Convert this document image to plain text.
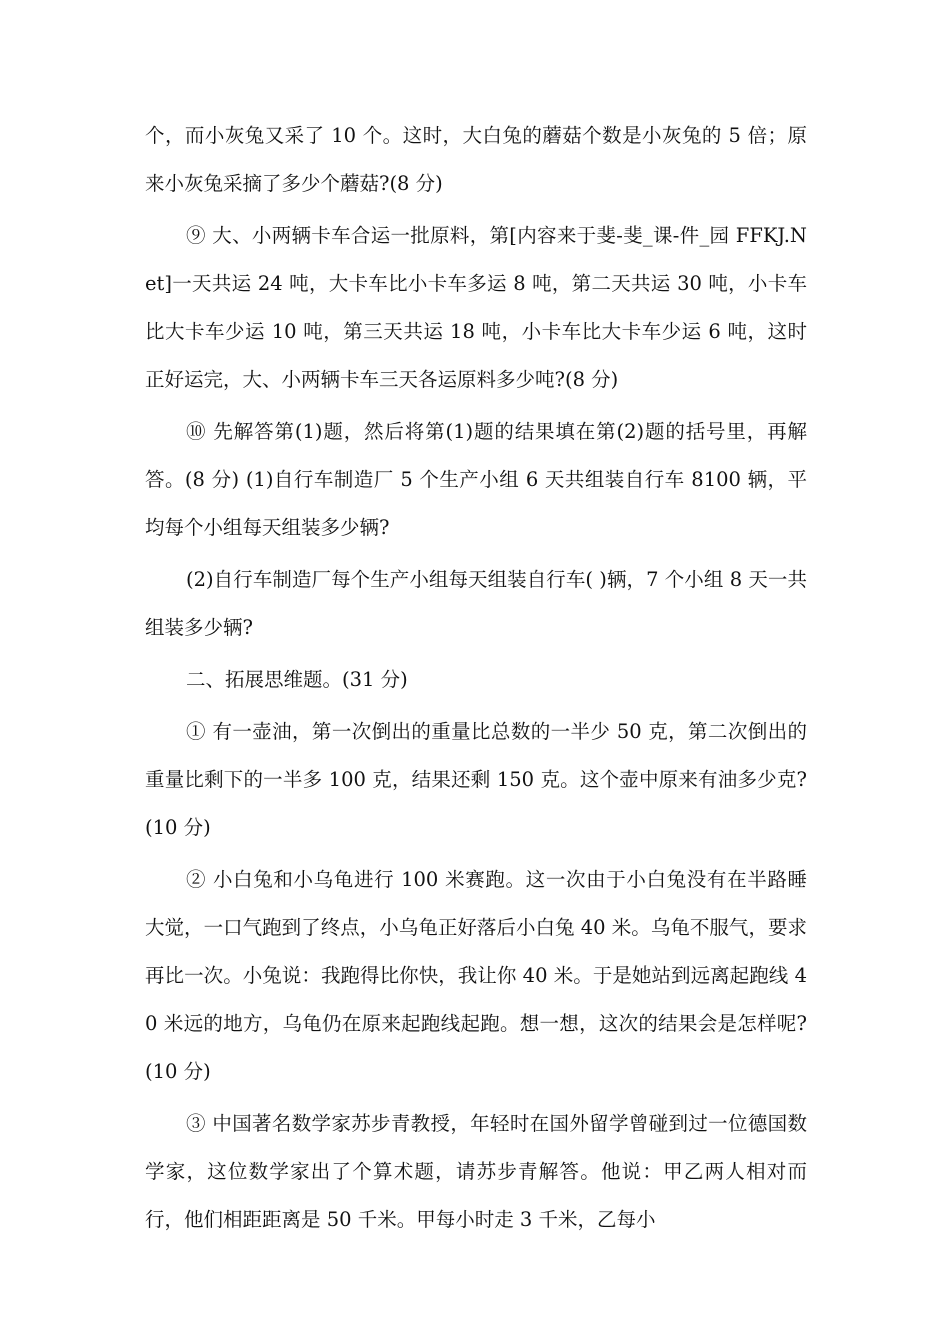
个，而小灰兔又采了 10 个。这时，大白兔的蘑菇个数是小灰兔的 5 倍；原来小灰兔采摘了多少个蘑菇?(8 分)

⑨ 大、小两辆卡车合运一批原料，第[内容来于斐-斐_课-件_园 FFKJ.Net]一天共运 24 吨，大卡车比小卡车多运 8 吨，第二天共运 30 吨，小卡车比大卡车少运 10 吨，第三天共运 18 吨，小卡车比大卡车少运 6 吨，这时正好运完，大、小两辆卡车三天各运原料多少吨?(8 分)

⑩ 先解答第(1)题，然后将第(1)题的结果填在第(2)题的括号里，再解答。(8 分) (1)自行车制造厂 5 个生产小组 6 天共组装自行车 8100 辆，平均每个小组每天组装多少辆?

(2)自行车制造厂每个生产小组每天组装自行车( )辆，7 个小组 8 天一共组装多少辆?

二、拓展思维题。(31 分)

① 有一壶油，第一次倒出的重量比总数的一半少 50 克，第二次倒出的重量比剩下的一半多 100 克，结果还剩 150 克。这个壶中原来有油多少克?(10 分)

② 小白兔和小乌龟进行 100 米赛跑。这一次由于小白兔没有在半路睡大觉，一口气跑到了终点，小乌龟正好落后小白兔 40 米。乌龟不服气，要求再比一次。小兔说：我跑得比你快，我让你 40 米。于是她站到远离起跑线 40 米远的地方，乌龟仍在原来起跑线起跑。想一想，这次的结果会是怎样呢?(10 分)

③ 中国著名数学家苏步青教授，年轻时在国外留学曾碰到过一位德国数学家，这位数学家出了个算术题，请苏步青解答。他说：甲乙两人相对而行，他们相距距离是 50 千米。甲每小时走 3 千米，乙每小
